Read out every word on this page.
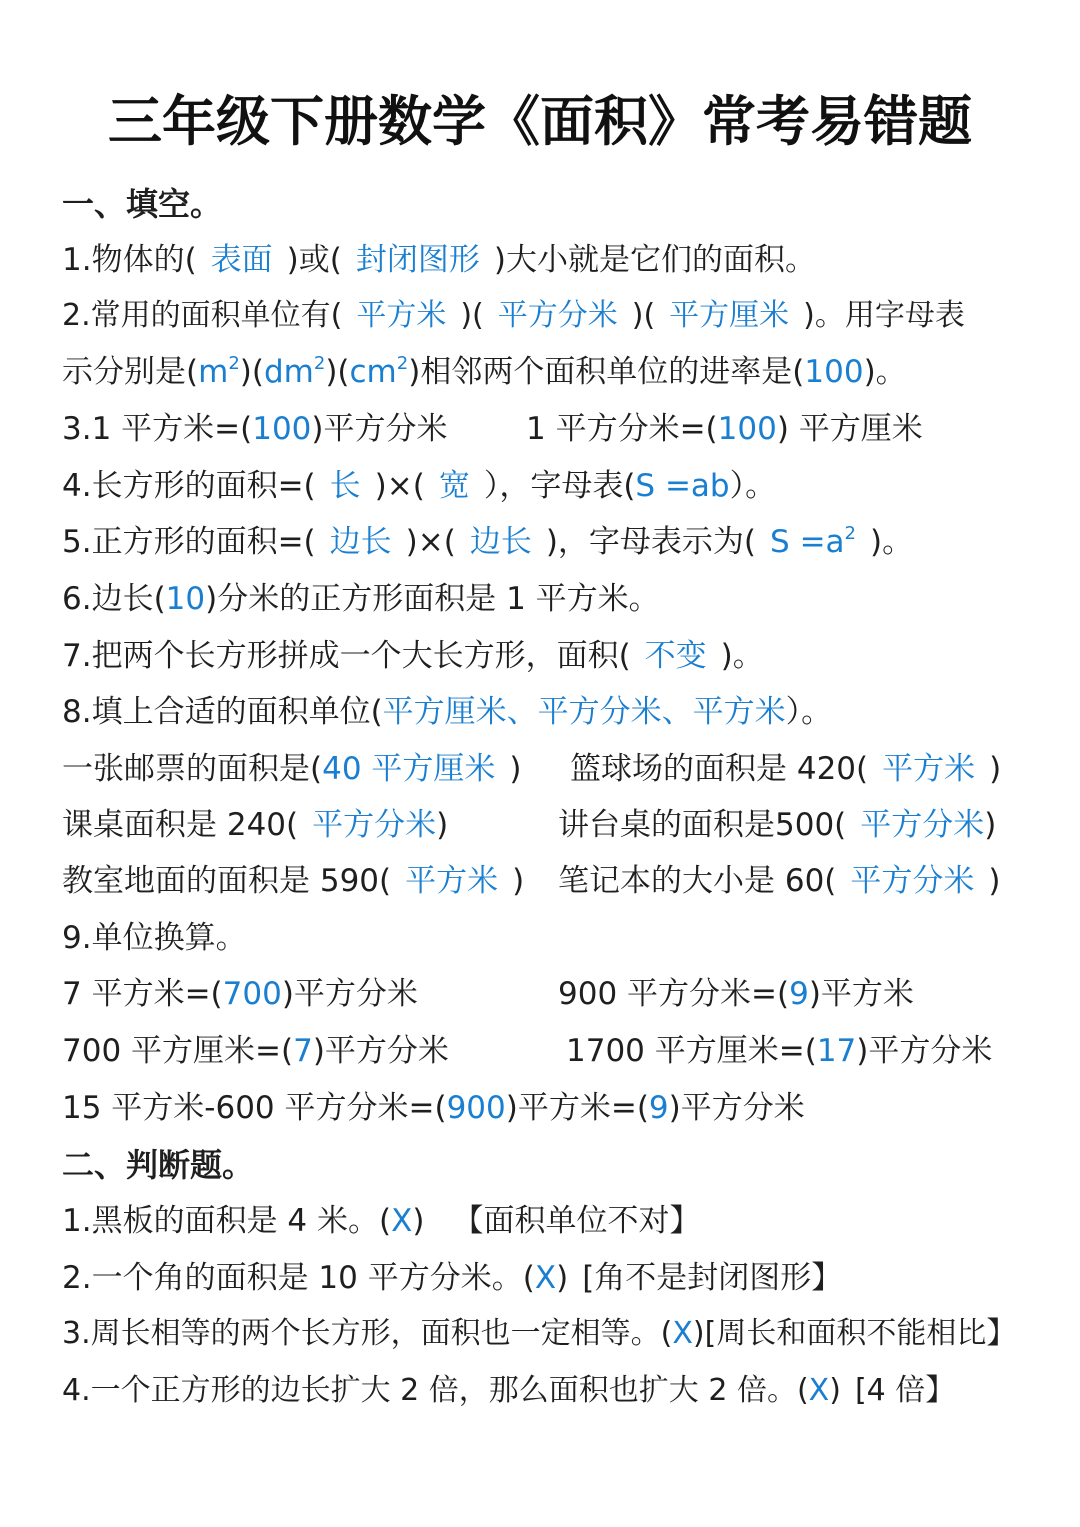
三年级下册数学《面积》常考易错题
一、填空。
1.物体的( 表面 )或( 封闭图形 )大小就是它们的面积。
2.常用的面积单位有( 平方米 )( 平方分米 )( 平方厘米 )。用字母表
示分别是$(m^2)(dm^2)(cm^2)$相邻两个面积单位的进率是(100)。
3.1 平方米=(100)平方分米	1 平方分米=(100) 平方厘米
4.长方形的面积=( 长 )×( 宽 ），字母表(S =ab）。
5.正方形的面积=( 边长 )×( 边长 )，字母表示为( $S =a^2$ )。
6.边长(10)分米的正方形面积是 1 平方米。
7.把两个长方形拼成一个大长方形，面积( 不变 )。
8.填上合适的面积单位(平方厘米、平方分米、平方米）。
一张邮票的面积是(40 平方厘米 ) 篮球场的面积是 420( 平方米 )
课桌面积是 240( 平方分米)	讲台桌的面积是500( 平方分米)
教室地面的面积是 590( 平方米 ) 笔记本的大小是 60( 平方分米 )
9.单位换算。
7 平方米=(700)平方分米	900 平方分米=(9)平方米
700 平方厘米=(7)平方分米	1700 平方厘米=(17)平方分米
15 平方米-600 平方分米=(900)平方米=(9)平方分米
二、判断题。
1.黑板的面积是 4 米。(X) 【面积单位不对】
2.一个角的面积是 10 平方分米。(X) [角不是封闭图形】
3.周长相等的两个长方形，面积也一定相等。(X)[周长和面积不能相比】
4.一个正方形的边长扩大 2 倍，那么面积也扩大 2 倍。(X) [4 倍】
